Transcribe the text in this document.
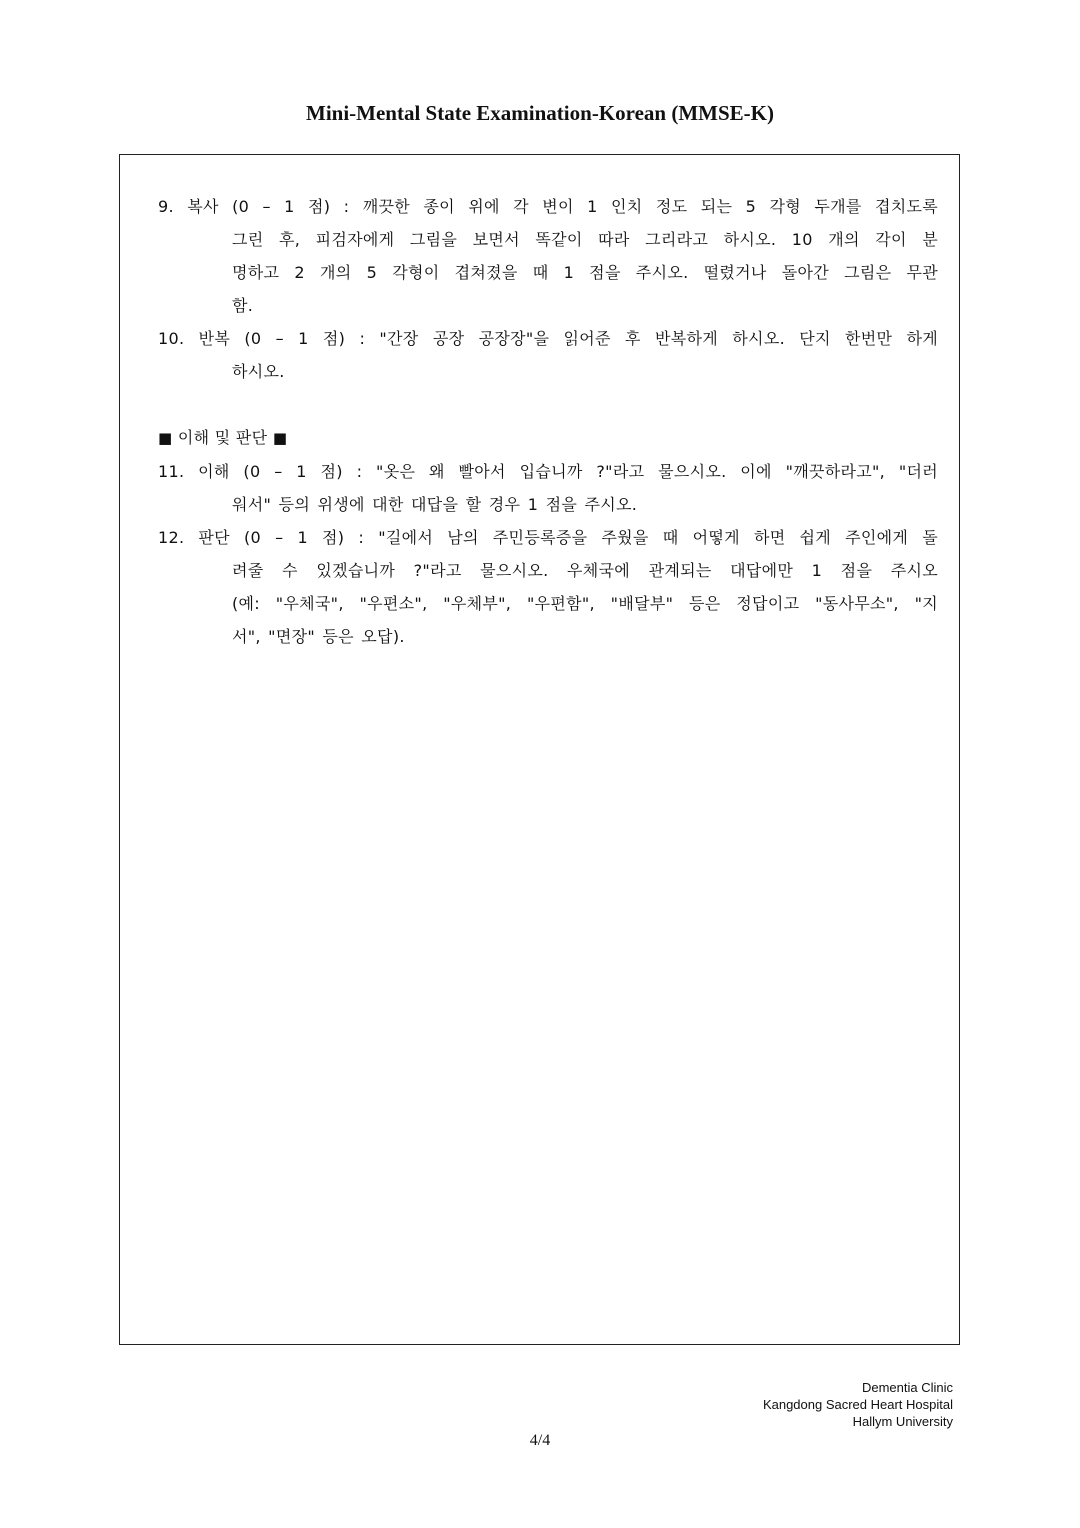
Mini-Mental State Examination-Korean (MMSE-K)
9. 복사 (0 – 1 점) : 깨끗한 종이 위에 각 변이 1 인치 정도 되는 5 각형 두개를 겹치도록
그린 후, 피검자에게 그림을 보면서 똑같이 따라 그리라고 하시오. 10 개의 각이 분
명하고 2 개의 5 각형이 겹쳐졌을 때 1 점을 주시오. 떨렸거나 돌아간 그림은 무관
함.
10. 반복 (0 – 1 점) : "간장 공장 공장장"을 읽어준 후 반복하게 하시오. 단지 한번만 하게
하시오.

■ 이해 및 판단 ■

11. 이해 (0 – 1 점) : "옷은 왜 빨아서 입습니까 ?"라고 물으시오. 이에 "깨끗하라고", "더러
워서" 등의 위생에 대한 대답을 할 경우 1 점을 주시오.
12. 판단 (0 – 1 점) : "길에서 남의 주민등록증을 주웠을 때 어떻게 하면 쉽게 주인에게 돌
려줄 수 있겠습니까 ?"라고 물으시오. 우체국에 관계되는 대답에만 1 점을 주시오
(예: "우체국", "우편소", "우체부", "우편함", "배달부" 등은 정답이고 "동사무소", "지
서", "면장" 등은 오답).
Dementia Clinic
Kangdong Sacred Heart Hospital
Hallym University
4/4
